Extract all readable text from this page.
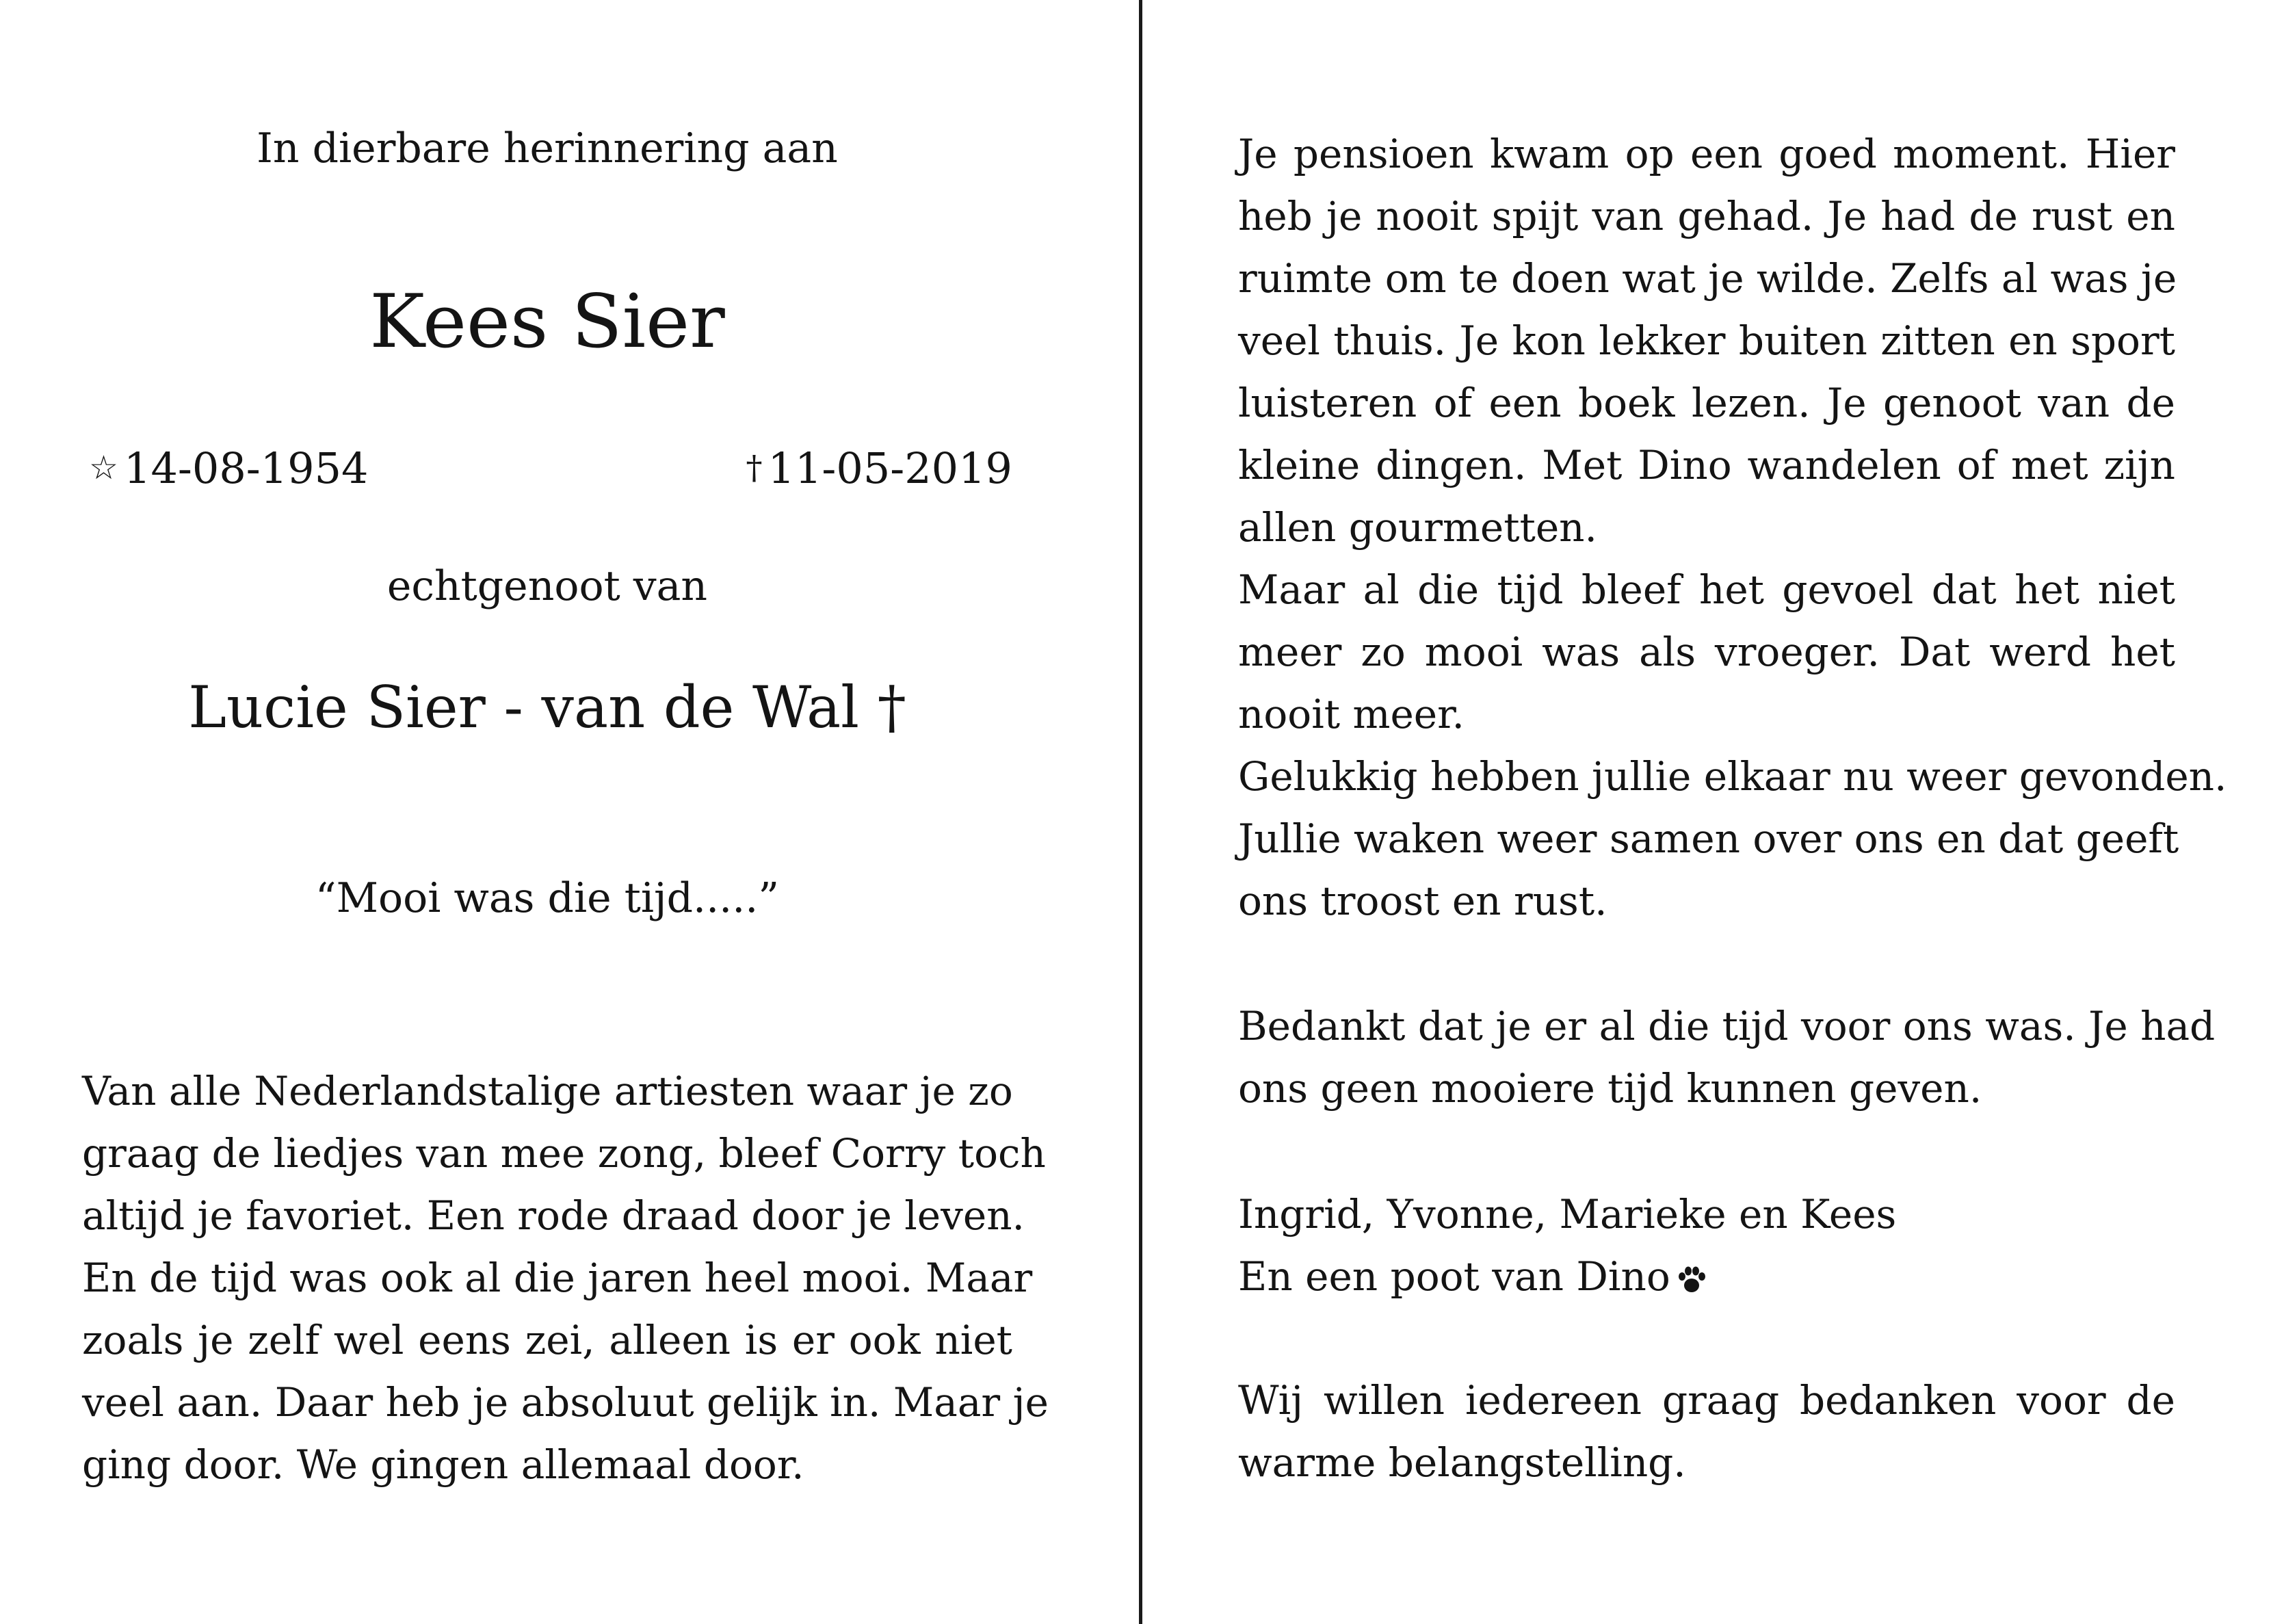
In dierbare herinnering aan
Kees Sier
☆ 14-08-1954	† 11-05-2019
echtgenoot van
Lucie Sier - van de Wal †
“Mooi was die tijd.....”
Van alle Nederlandstalige artiesten waar je zo
graag de liedjes van mee zong, bleef Corry toch
altijd je favoriet. Een rode draad door je leven.
En de tijd was ook al die jaren heel mooi. Maar
zoals je zelf wel eens zei, alleen is er ook niet
veel aan. Daar heb je absoluut gelijk in. Maar je
ging door. We gingen allemaal door.
Je pensioen kwam op een goed moment. Hier
heb je nooit spijt van gehad. Je had de rust en
ruimte om te doen wat je wilde. Zelfs al was je
veel thuis. Je kon lekker buiten zitten en sport
luisteren of een boek lezen. Je genoot van de
kleine dingen. Met Dino wandelen of met zijn
allen gourmetten.
Maar al die tijd bleef het gevoel dat het niet
meer zo mooi was als vroeger. Dat werd het
nooit meer.
Gelukkig hebben jullie elkaar nu weer gevonden.
Jullie waken weer samen over ons en dat geeft
ons troost en rust.
Bedankt dat je er al die tijd voor ons was. Je had
ons geen mooiere tijd kunnen geven.
Ingrid, Yvonne, Marieke en Kees
En een poot van Dino
Wij willen iedereen graag bedanken voor de
warme belangstelling.
